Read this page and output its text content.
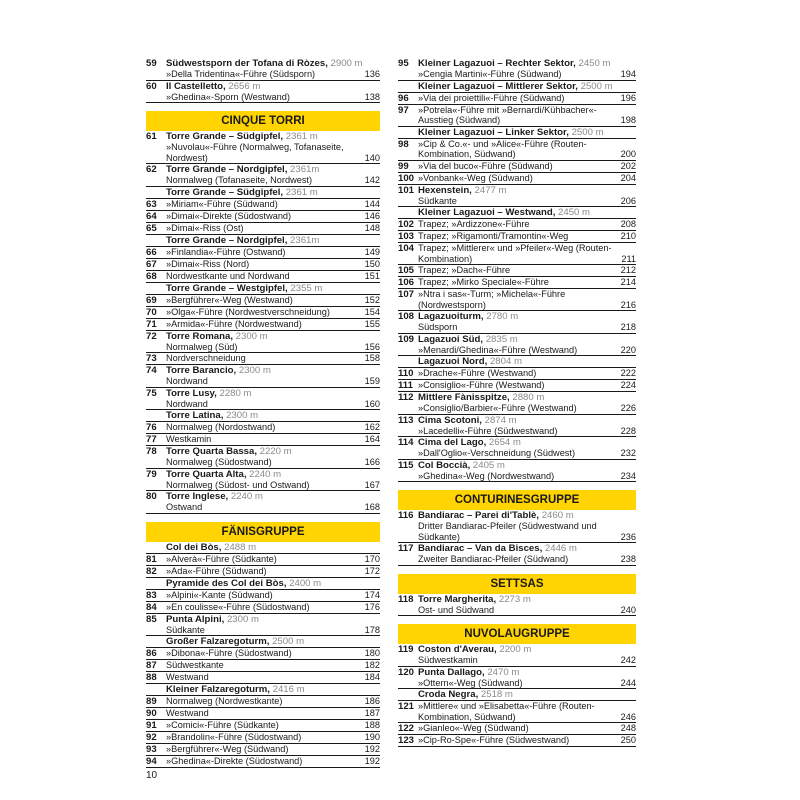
59 Südwestsporn der Tofana di Ròzes, 2900 m
»Della Tridentina«-Führe (Südsporn)	136
60 Il Castelletto, 2656 m
»Ghedina«-Sporn (Westwand)	138
CINQUE TORRI
61 Torre Grande – Südgipfel, 2361 m
»Nuvolau«-Führe (Normalweg, Tofanaseite, Nordwest)	140
62 Torre Grande – Nordgipfel, 2361m
Normalweg (Tofanaseite, Nordwest)	142
Torre Grande – Südgipfel, 2361 m
63	»Miriam«-Führe (Südwand)	144
64	»Dimai«-Direkte (Südostwand)	146
65	»Dimai«-Riss (Ost)	148
Torre Grande – Nordgipfel, 2361m
66	»Finlandia«-Führe (Ostwand)	149
67	»Dimai«-Riss (Nord)	150
68	Nordwestkante und Nordwand	151
Torre Grande – Westgipfel, 2355 m
69	»Bergführer«-Weg (Westwand)	152
70	»Olga«-Führe (Nordwestverschneidung)	154
71	»Armida«-Führe (Nordwestwand)	155
72 Torre Romana, 2300 m
Normalweg (Süd)	156
73	Nordverschneidung	158
74 Torre Barancio, 2300 m
Nordwand	159
75 Torre Lusy, 2280 m
Nordwand	160
Torre Latina, 2300 m
76	Normalweg (Nordostwand)	162
77	Westkamin	164
78 Torre Quarta Bassa, 2220 m
Normalweg (Südostwand)	166
79 Torre Quarta Alta, 2240 m
Normalweg (Südost- und Ostwand)	167
80 Torre Inglese, 2240 m
Ostwand	168
FÄNISGRUPPE
Col dei Bòs, 2488 m
81	»Alverà«-Führe (Südkante)	170
82	»Ada«-Führe (Südwand)	172
Pyramide des Col dei Bòs, 2400 m
83	»Alpini«-Kante (Südwand)	174
84	»En coulisse«-Führe (Südostwand)	176
85 Punta Alpini, 2300 m
Südkante	178
Großer Falzaregoturm, 2500 m
86	»Dibona«-Führe (Südostwand)	180
87	Südwestkante	182
88	Westwand	184
Kleiner Falzaregoturm, 2416 m
89	Normalweg (Nordwestkante)	186
90	Westwand	187
91	»Comici«-Führe (Südkante)	188
92	»Brandolin«-Führe (Südostwand)	190
93	»Bergführer«-Weg (Südwand)	192
94	»Ghedina«-Direkte (Südostwand)	192
95 Kleiner Lagazuoi – Rechter Sektor, 2450 m
»Cengia Martini«-Führe (Südwand)	194
Kleiner Lagazuoi – Mittlerer Sektor, 2500 m
96	»Via dei proiettili«-Führe (Südwand)	196
97	»Potrela«-Führe mit »Bernardi/Kühbacher«-Ausstieg (Südwand)	198
Kleiner Lagazuoi – Linker Sektor, 2500 m
98	»Cip & Co.«- und »Alice«-Führe (Routen-Kombination, Südwand)	200
99	»Via del buco«-Führe (Südwand)	202
100 »Vonbank«-Weg (Südwand)	204
101 Hexenstein, 2477 m
Südkante	206
Kleiner Lagazuoi – Westwand, 2450 m
102 Trapez; »Ardizzone«-Führe	208
103 Trapez; »Rigamonti/Tramontin«-Weg	210
104 Trapez; »Mittlerer« und »Pfeiler«-Weg (Routen-Kombination)	211
105 Trapez; »Dach«-Führe	212
106 Trapez; »Mirko Speciale«-Führe	214
107 »Ntra i sas«-Turm; »Michela«-Führe (Nordwestsporn)	216
108 Lagazuoiturm, 2780 m
Südsporn	218
109 Lagazuoi Süd, 2835 m
»Menardi/Ghedina«-Führe (Westwand)	220
Lagazuoi Nord, 2804 m
110 »Drache«-Führe (Westwand)	222
111 »Consiglio«-Führe (Westwand)	224
112 Mittlere Fànisspitze, 2880 m
»Consiglio/Barbier«-Führe (Westwand)	226
113 Cima Scotoni, 2874 m
»Lacedelli«-Führe (Südwestwand)	228
114 Cima del Lago, 2654 m
»Dall'Oglio«-Verschneidung (Südwest)	232
115 Col Boccià, 2405 m
»Ghedina«-Weg (Nordwestwand)	234
CONTURINESGRUPPE
116 Bandiarac – Parei di'Tablè, 2460 m
Dritter Bandiarac-Pfeiler (Südwestwand und Südkante)	236
117 Bandiarac – Van da Bisces, 2446 m
Zweiter Bandiarac-Pfeiler (Südwand)	238
SETTSAS
118 Torre Margherita, 2273 m
Ost- und Südwand	240
NUVOLAUGRUPPE
119 Coston d'Averau, 2200 m
Südwestkamin	242
120 Punta Dallago, 2470 m
»Ottern«-Weg (Südwand)	244
Croda Negra, 2518 m
121 »Mittlere« und »Elisabetta«-Führe (Routen-Kombination, Südwand)	246
122 »Gianleo«-Weg (Südwand)	248
123 »Cip-Ro-Spe«-Führe (Südwestwand)	250
10
